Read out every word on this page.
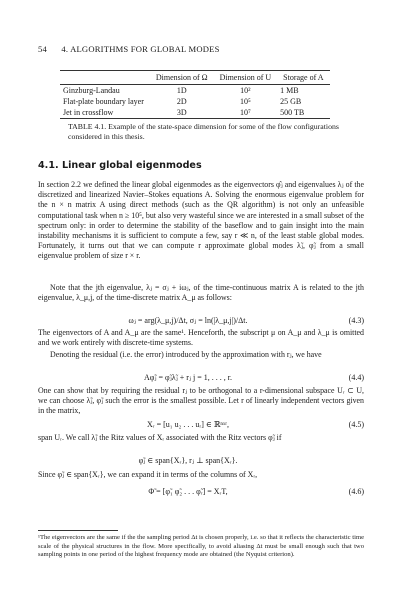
54 4. ALGORITHMS FOR GLOBAL MODES
	Dimension of Ω	Dimension of U	Storage of A
Ginzburg-Landau	1D	10²	1 MB
Flat-plate boundary layer	2D	10⁵	25 GB
Jet in crossflow	3D	10⁷	500 TB
TABLE 4.1. Example of the state-space dimension for some of the flow configurations considered in this thesis.
4.1. Linear global eigenmodes
In section 2.2 we defined the linear global eigenmodes as the eigenvectors φ̂ⱼ and eigenvalues λⱼ of the discretized and linearized Navier–Stokes equations A. Solving the enormous eigenvalue problem for the n × n matrix A using direct methods (such as the QR algorithm) is not only an unfeasible computational task when n ≥ 10⁵, but also very wasteful since we are interested in a small subset of the spectrum only: in order to determine the stability of the baseflow and to gain insight into the main instability mechanisms it is sufficient to compute a few, say r ≪ n, of the least stable global modes. Fortunately, it turns out that we can compute r approximate global modes λ̃ⱼ, φ̃ⱼ from a small eigenvalue problem of size r × r.
Note that the jth eigenvalue, λⱼ = σⱼ + iωⱼ, of the time-continuous matrix A is related to the jth eigenvalue, λ_μ,j, of the time-discrete matrix A_μ as follows:
ωⱼ = arg(λ_μ,j)/Δt, σⱼ = ln(|λ_μ,j|)/Δt.	(4.3)
The eigenvectors of A and A_μ are the same¹. Henceforth, the subscript μ on A_μ and λ_μ is omitted and we work entirely with discrete-time systems.
Denoting the residual (i.e. the error) introduced by the approximation with rⱼ, we have
Aφ̃ⱼ = φ̃ⱼλ̃ⱼ + rⱼ j = 1, . . . , r.	(4.4)
One can show that by requiring the residual rⱼ to be orthogonal to a r-dimensional subspace Uᵣ ⊂ U, we can choose λ̃ⱼ, φ̃ⱼ such the error is the smallest possible. Let r of linearly independent vectors given in the matrix,
Xᵣ = [u₁ u₂ . . . uᵣ] ∈ ℝⁿˣʳ,	(4.5)
span Uᵣ. We call λ̃ⱼ the Ritz values of Xᵣ associated with the Ritz vectors φ̃ⱼ if
φ̃ⱼ ∈ span{Xᵣ}, rⱼ ⊥ span{Xᵣ}.
Since φ̃ⱼ ∈ span{Xᵣ}, we can expand it in terms of the columns of Xᵣ,
Φ̃ = [φ̃₁ φ̃₂ . . . φ̃ᵣ] = XᵣT,	(4.6)
¹The eigenvectors are the same if the the sampling period Δt is chosen properly, i.e. so that it reflects the characteristic time scale of the physical structures in the flow. More specifically, to avoid aliasing Δt must be small enough such that two sampling points in one period of the highest frequency mode are obtained (the Nyquist criterion).
